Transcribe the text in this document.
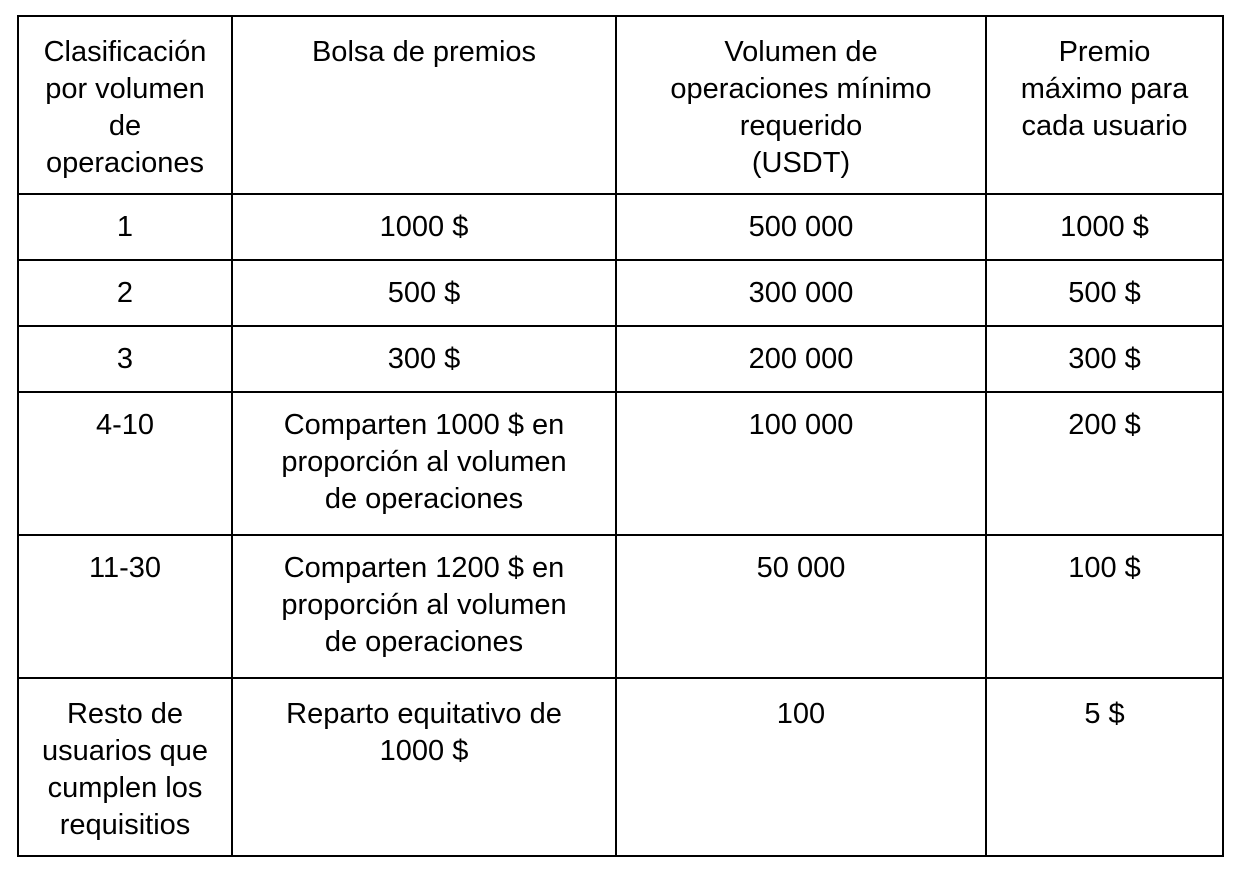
Clasificación
por volumen
de
operaciones	Bolsa de premios	Volumen de
operaciones mínimo
requerido
(USDT)	Premio
máximo para
cada usuario

1	1000 $	500 000	1000 $

2	500 $	300 000	500 $

3	300 $	200 000	300 $

4-10	Comparten 1000 $ en
proporción al volumen
de operaciones	100 000	200 $

11-30	Comparten 1200 $ en
proporción al volumen
de operaciones	50 000	100 $

Resto de
usuarios que
cumplen los
requisitios	Reparto equitativo de
1000 $	100	5 $
